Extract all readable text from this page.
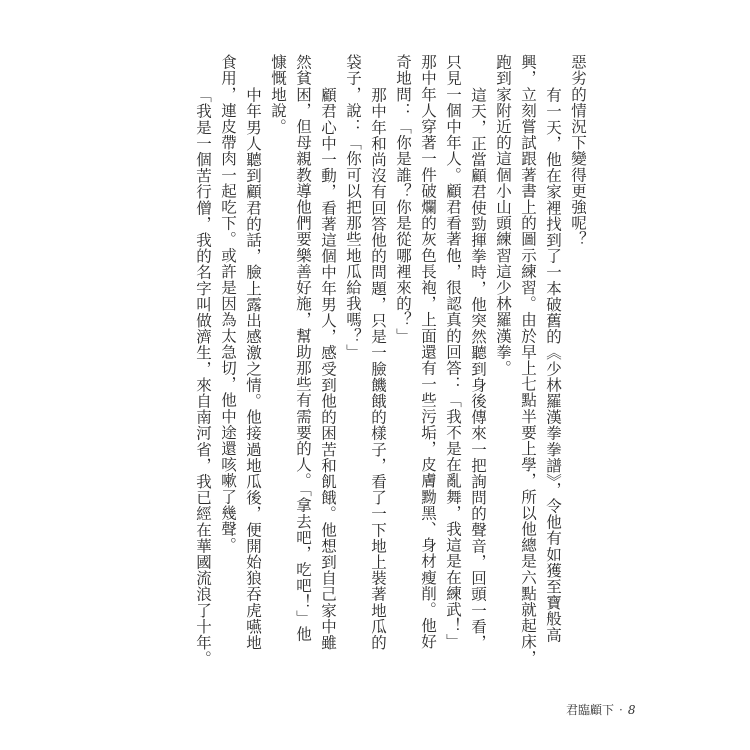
惡劣的情況下變得更強呢？

有一天，他在家裡找到了一本破舊的《少林羅漢拳拳譜》，令他有如獲至寶般高

興，立刻嘗試跟著書上的圖示練習。由於早上七點半要上學，所以他總是六點就起床，

跑到家附近的這個小山頭練習這少林羅漢拳。

這天，正當顧君使勁揮拳時，他突然聽到身後傳來一把詢問的聲音，回頭一看，

只見一個中年人。顧君看著他，很認真的回答：「我不是在亂舞，我這是在練武！」

那中年人穿著一件破爛的灰色長袍，上面還有一些污垢，皮膚黝黑、身材瘦削。他好

奇地問：「你是誰？你是從哪裡來的？」

那中年和尚沒有回答他的問題，只是一臉饑餓的樣子，看了一下地上裝著地瓜的

袋子，說：「你可以把那些地瓜給我嗎？」

顧君心中一動，看著這個中年男人，感受到他的困苦和飢餓。他想到自己家中雖

然貧困，但母親教導他們要樂善好施，幫助那些有需要的人。「拿去吧，吃吧！」他

慷慨地說。

中年男人聽到顧君的話，臉上露出感激之情。他接過地瓜後，便開始狼吞虎嚥地

食用，連皮帶肉一起吃下。或許是因為太急切，他中途還咳嗽了幾聲。

「我是一個苦行僧，我的名字叫做濟生，來自南河省，我已經在華國流浪了十年。

君臨顧下 · 8
